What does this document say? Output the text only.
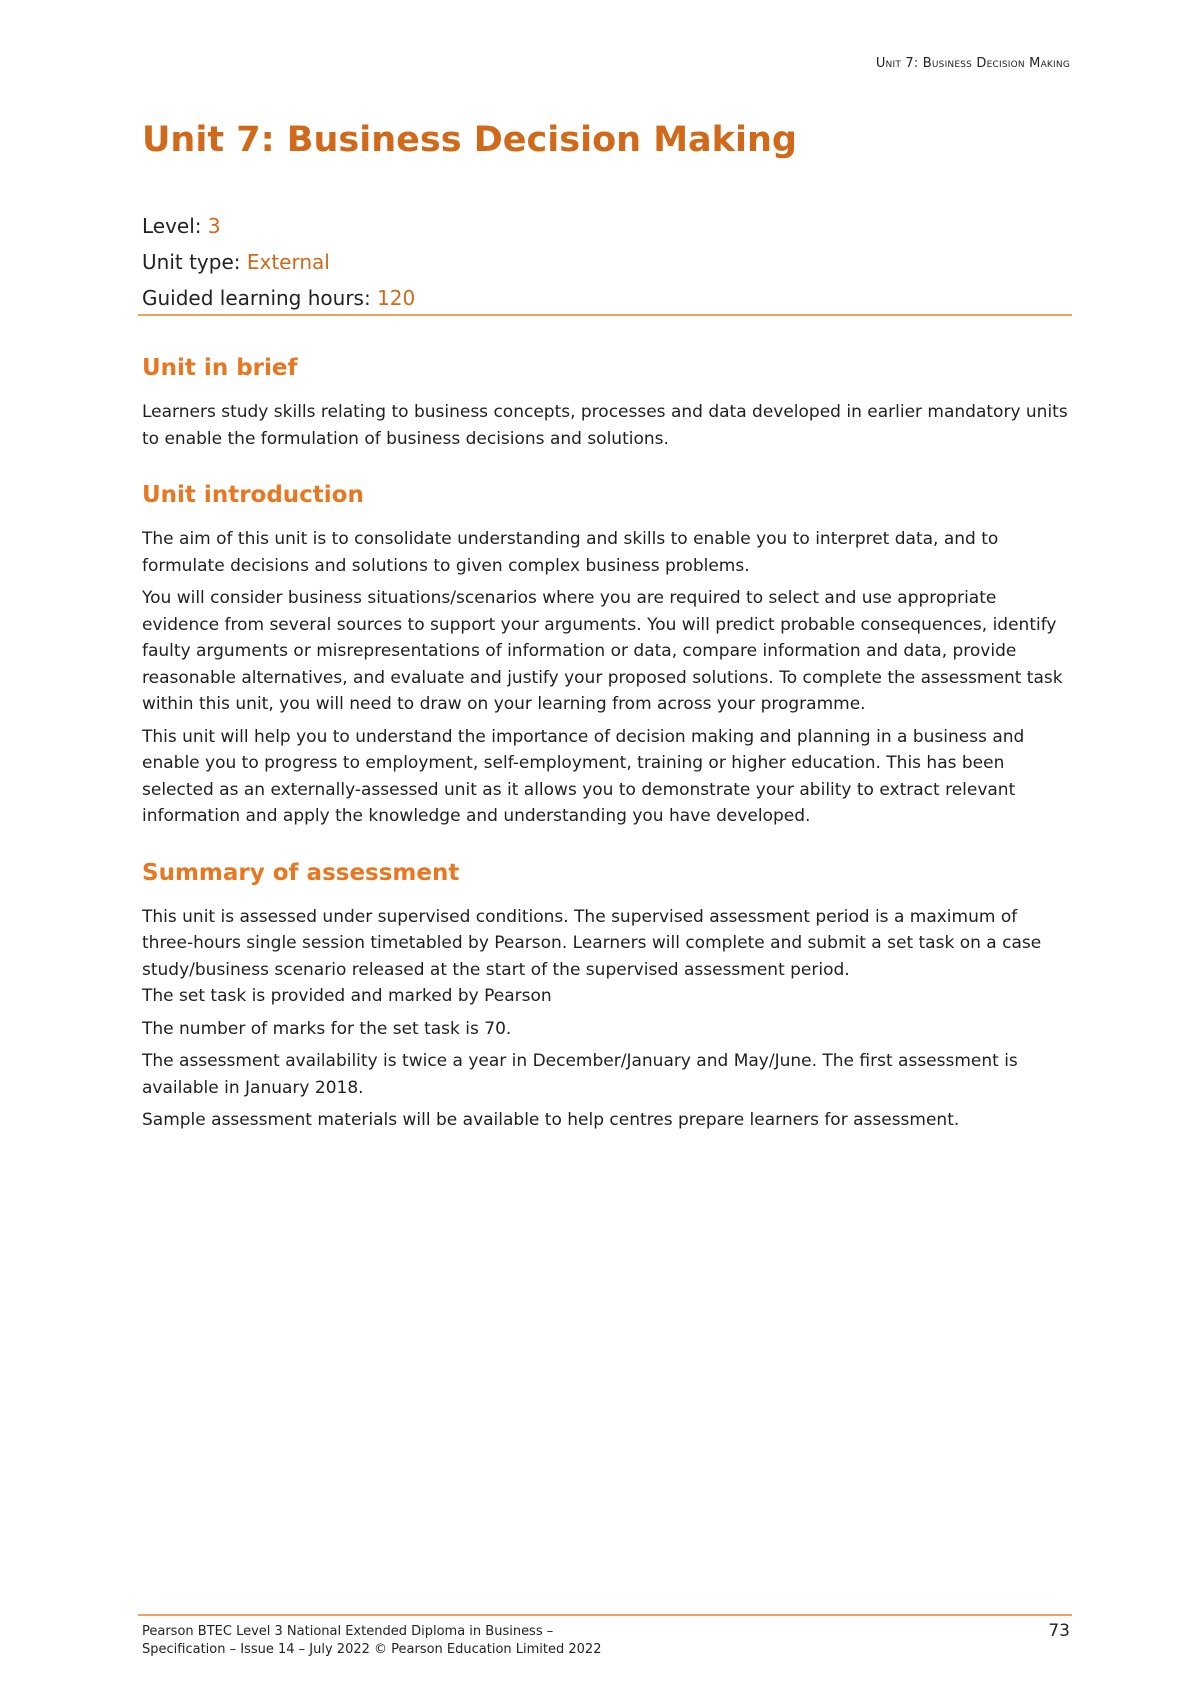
Unit 7: Business Decision Making
Unit 7: Business Decision Making
Level: 3
Unit type: External
Guided learning hours: 120
Unit in brief

Learners study skills relating to business concepts, processes and data developed in earlier mandatory units to enable the formulation of business decisions and solutions.

Unit introduction

The aim of this unit is to consolidate understanding and skills to enable you to interpret data, and to formulate decisions and solutions to given complex business problems.

You will consider business situations/scenarios where you are required to select and use appropriate evidence from several sources to support your arguments. You will predict probable consequences, identify faulty arguments or misrepresentations of information or data, compare information and data, provide reasonable alternatives, and evaluate and justify your proposed solutions. To complete the assessment task within this unit, you will need to draw on your learning from across your programme.

This unit will help you to understand the importance of decision making and planning in a business and enable you to progress to employment, self-employment, training or higher education. This has been selected as an externally-assessed unit as it allows you to demonstrate your ability to extract relevant information and apply the knowledge and understanding you have developed.

Summary of assessment

This unit is assessed under supervised conditions. The supervised assessment period is a maximum of three-hours single session timetabled by Pearson. Learners will complete and submit a set task on a case study/business scenario released at the start of the supervised assessment period.

The set task is provided and marked by Pearson

The number of marks for the set task is 70.

The assessment availability is twice a year in December/January and May/June. The first assessment is available in January 2018.

Sample assessment materials will be available to help centres prepare learners for assessment.

Pearson BTEC Level 3 National Extended Diploma in Business –
Specification – Issue 14 – July 2022 © Pearson Education Limited 2022
73
